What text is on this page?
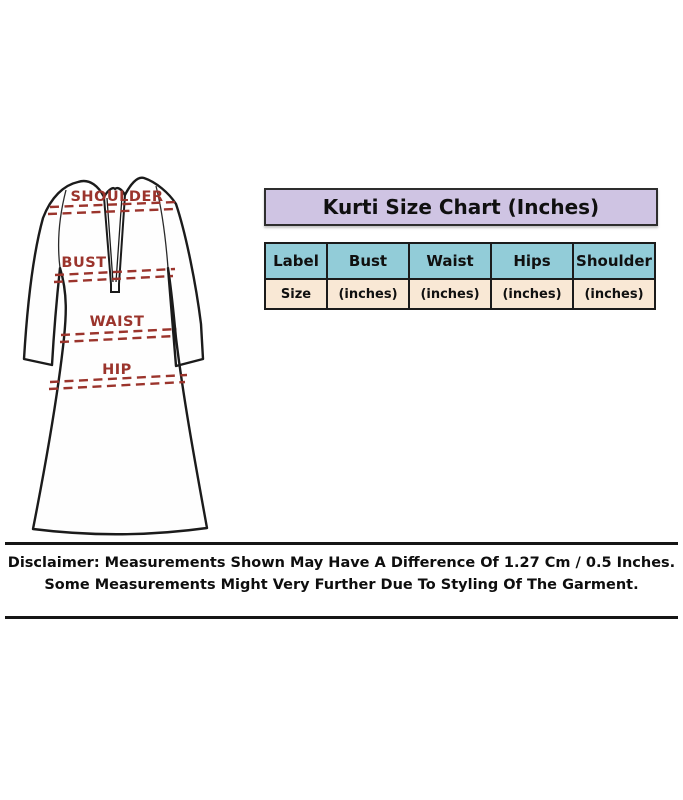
SHOULDER
BUST
WAIST
HIP
Kurti Size Chart (Inches)
Label	Bust	Waist	Hips	Shoulder
Size	(inches)	(inches)	(inches)	(inches)
Disclaimer: Measurements Shown May Have A Difference Of 1.27 Cm / 0.5 Inches.
Some Measurements Might Very Further Due To Styling Of The Garment.
